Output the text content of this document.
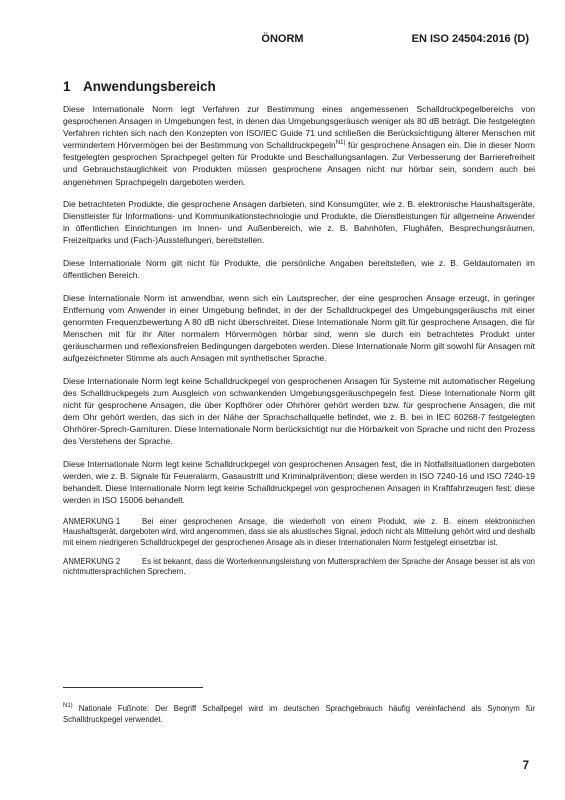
ÖNORM	EN ISO 24504:2016 (D)
1 Anwendungsbereich

Diese Internationale Norm legt Verfahren zur Bestimmung eines angemessenen Schalldruckpegelbereichs von gesprochenen Ansagen in Umgebungen fest, in denen das Umgebungsgeräusch weniger als 80 dB beträgt. Die festgelegten Verfahren richten sich nach den Konzepten von ISO/IEC Guide 71 und schließen die Berücksichtigung älterer Menschen mit vermindertem Hörvermögen bei der Bestimmung von Schalldruckpegeln$^{N1)}$ für gesprochene Ansagen ein. Die in dieser Norm festgelegten gesprochen Sprachpegel gelten für Produkte und Beschallungsanlagen. Zur Verbesserung der Barrierefreiheit und Gebrauchstauglichkeit von Produkten müssen gesprochene Ansagen nicht nur hörbar sein, sondern auch bei angenehmen Sprachpegeln dargeboten werden.

Die betrachteten Produkte, die gesprochene Ansagen darbieten, sind Konsumgüter, wie z. B. elektronische Haushaltsgeräte, Dienstleister für Informations- und Kommunikationstechnologie und Produkte, die Dienstleistungen für allgemeine Anwender in öffentlichen Einrichtungen im Innen- und Außenbereich, wie z. B. Bahnhöfen, Flughäfen, Besprechungsräumen, Freizeitparks und (Fach-)Ausstellungen, bereitstellen.

Diese Internationale Norm gilt nicht für Produkte, die persönliche Angaben bereitstellen, wie z. B. Geldautomaten im öffentlichen Bereich.

Diese Internationale Norm ist anwendbar, wenn sich ein Lautsprecher, der eine gesprochen Ansage erzeugt, in geringer Entfernung vom Anwender in einer Umgebung befindet, in der der Schalldruckpegel des Umgebungsgeräuschs mit einer genormten Frequenzbewertung A 80 dB nicht überschreitet. Diese Internationale Norm gilt für gesprochene Ansagen, die für Menschen mit für ihr Alter normalem Hörvermögen hörbar sind, wenn sie durch ein betrachtetes Produkt unter geräuscharmen und reflexionsfreien Bedingungen dargeboten werden. Diese Internationale Norm gilt sowohl für Ansagen mit aufgezeichneter Stimme als auch Ansagen mit synthetischer Sprache.

Diese Internationale Norm legt keine Schalldruckpegel von gesprochenen Ansagen für Systeme mit automatischer Regelung des Schalldruckpegels zum Ausgleich von schwankenden Umgebungsgeräuschpegeln fest. Diese Internationale Norm gilt nicht für gesprochene Ansagen, die über Kopfhörer oder Ohrhörer gehört werden bzw. für gesprochene Ansagen, die mit dem Ohr gehört werden, das sich in der Nähe der Sprachschallquelle befindet, wie z. B. bei in IEC 60268-7 festgelegten Ohrhörer-Sprech-Garnituren. Diese Internationale Norm berücksichtigt nur die Hörbarkeit von Sprache und nicht den Prozess des Verstehens der Sprache.

Diese Internationale Norm legt keine Schalldruckpegel von gesprochenen Ansagen fest, die in Notfallsituationen dargeboten werden, wie z. B. Signale für Feueralarm, Gasaustritt und Kriminalprävention; diese werden in ISO 7240-16 und ISO 7240-19 behandelt. Diese Internationale Norm legt keine Schalldruckpegel von gesprochenen Ansagen in Kraftfahrzeugen fest; diese werden in ISO 15006 behandelt.

ANMERKUNG 1	Bei einer gesprochenen Ansage, die wiederholt von einem Produkt, wie z. B. einem elektronischen Haushaltsgerät, dargeboten wird, wird angenommen, dass sie als akustisches Signal, jedoch nicht als Mitteilung gehört wird und deshalb mit einem niedrigeren Schalldruckpegel der gesprochenen Ansage als in dieser Internationalen Norm festgelegt einsetzbar ist.
ANMERKUNG 2	Es ist bekannt, dass die Worterkennungsleistung von Muttersprachlern der Sprache der Ansage besser ist als von nichtmuttersprachlichen Sprechern.
$^{N1)}$ Nationale Fußnote: Der Begriff Schallpegel wird im deutschen Sprachgebrauch häufig vereinfachend als Synonym für Schalldruckpegel verwendet.
7
